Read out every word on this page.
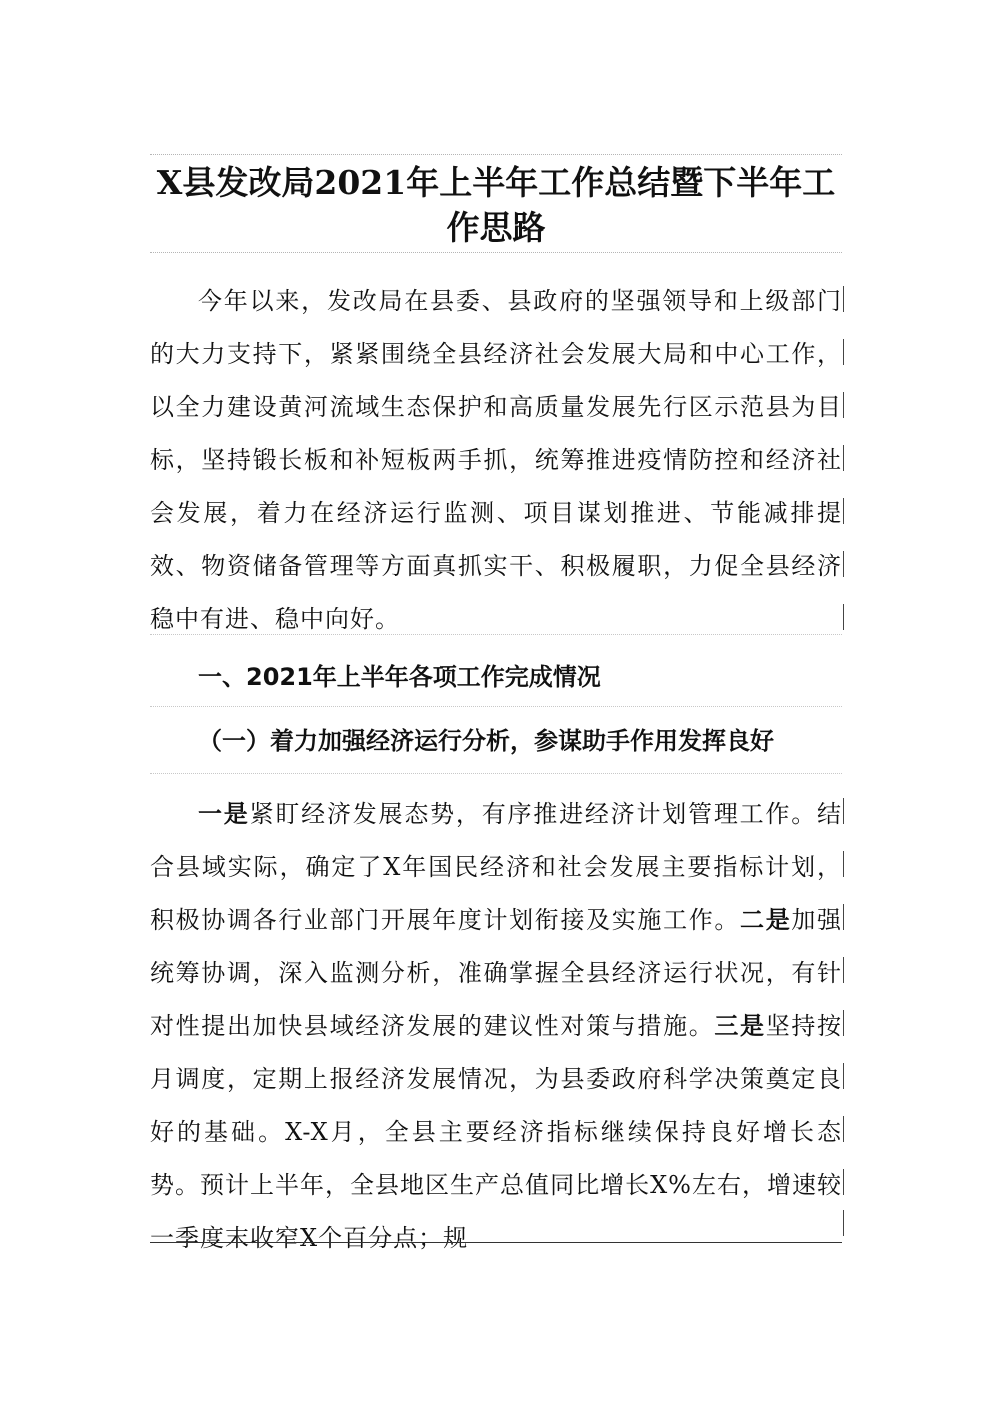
X县发改局2021年上半年工作总结暨下半年工作思路

今年以来，发改局在县委、县政府的坚强领导和上级部门的大力支持下，紧紧围绕全县经济社会发展大局和中心工作，以全力建设黄河流域生态保护和高质量发展先行区示范县为目标，坚持锻长板和补短板两手抓，统筹推进疫情防控和经济社会发展，着力在经济运行监测、项目谋划推进、节能减排提效、物资储备管理等方面真抓实干、积极履职，力促全县经济稳中有进、稳中向好。

一、2021年上半年各项工作完成情况
（一）着力加强经济运行分析，参谋助手作用发挥良好

一是紧盯经济发展态势，有序推进经济计划管理工作。结合县域实际，确定了X年国民经济和社会发展主要指标计划，积极协调各行业部门开展年度计划衔接及实施工作。二是加强统筹协调，深入监测分析，准确掌握全县经济运行状况，有针对性提出加快县域经济发展的建议性对策与措施。三是坚持按月调度，定期上报经济发展情况，为县委政府科学决策奠定良好的基础。X-X月，全县主要经济指标继续保持良好增长态势。预计上半年，全县地区生产总值同比增长X%左右，增速较一季度末收窄X个百分点；规
